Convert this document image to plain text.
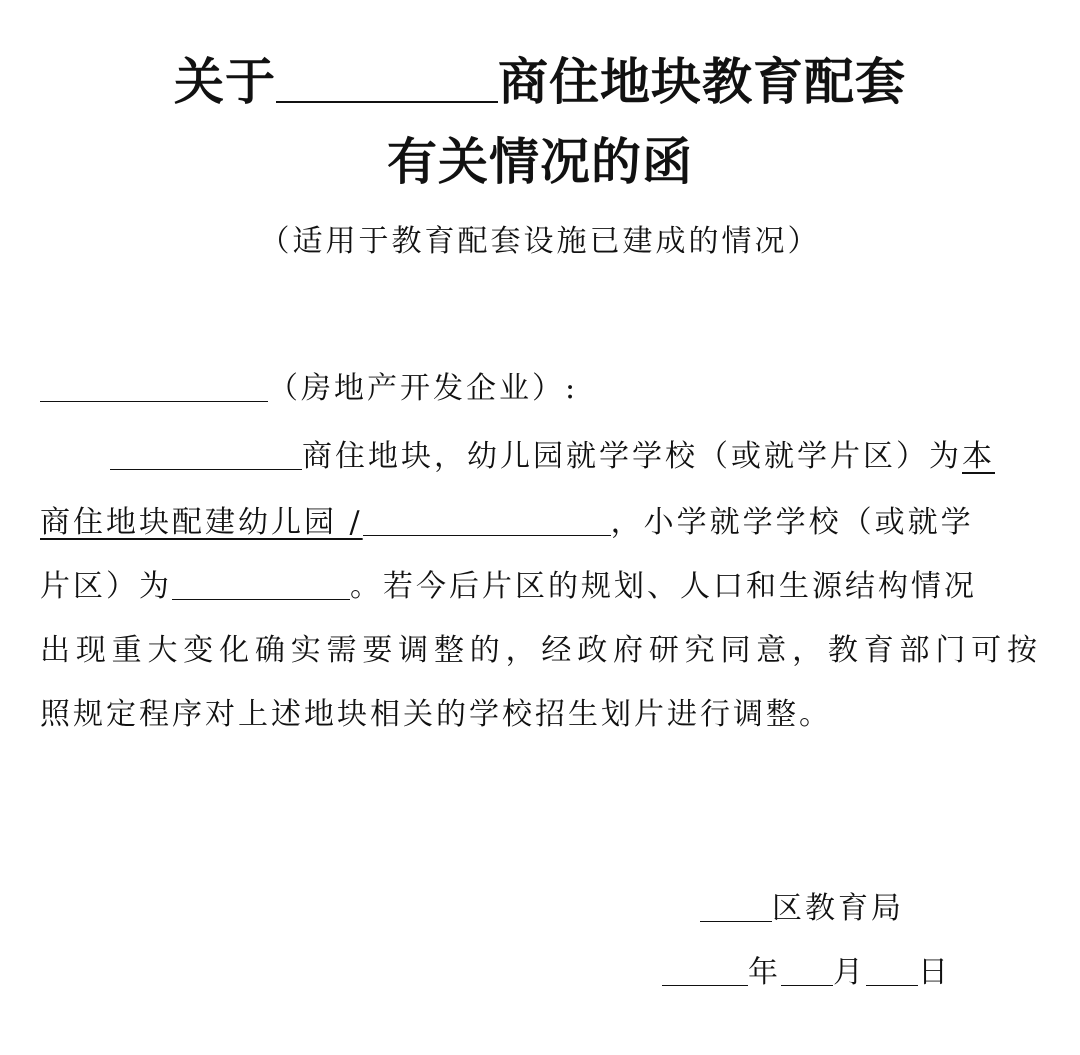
关于	商住地块教育配套
有关情况的函
（适用于教育配套设施已建成的情况）
（房地产开发企业）:
商住地块，幼儿园就学学校（或就学片区）为本
商住地块配建幼儿园 /	，小学就学学校（或就学
片区）为	。若今后片区的规划、人口和生源结构情况
出现重大变化确实需要调整的，经政府研究同意，教育部门可按
照规定程序对上述地块相关的学校招生划片进行调整。
区教育局
年 月 日
